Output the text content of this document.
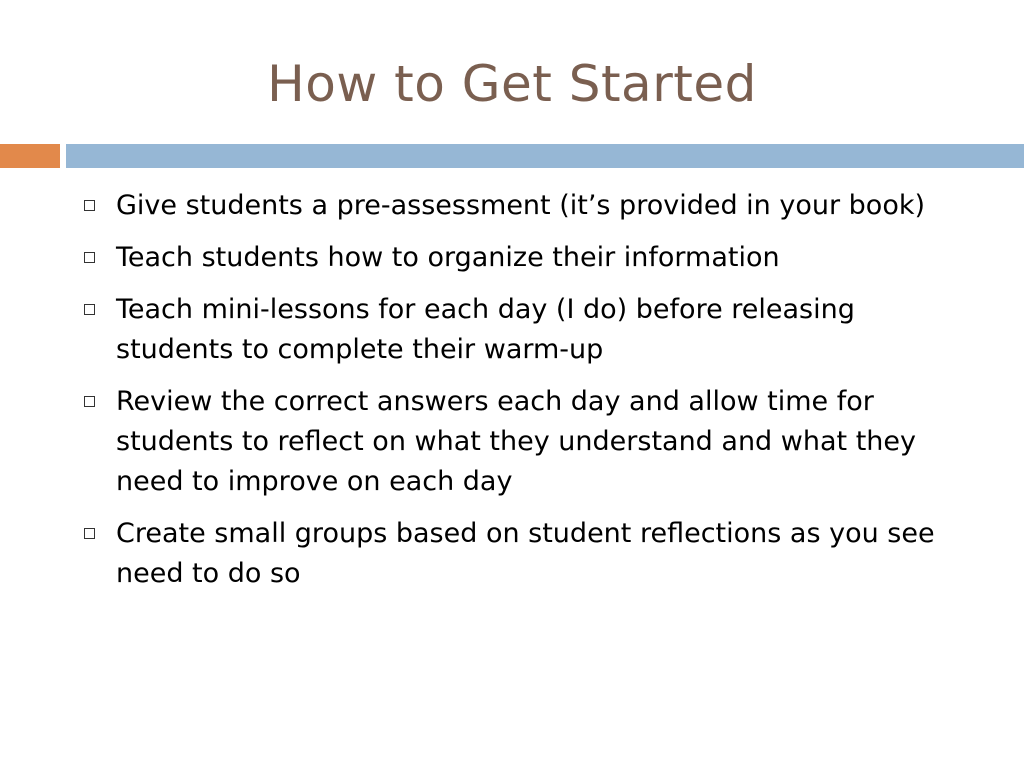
How to Get Started
Give students a pre-assessment (it’s provided in your book)
Teach students how to organize their information
Teach mini-lessons for each day (I do) before releasing students to complete their warm-up
Review the correct answers each day and allow time for students to reflect on what they understand and what they need to improve on each day
Create small groups based on student reflections as you see need to do so
